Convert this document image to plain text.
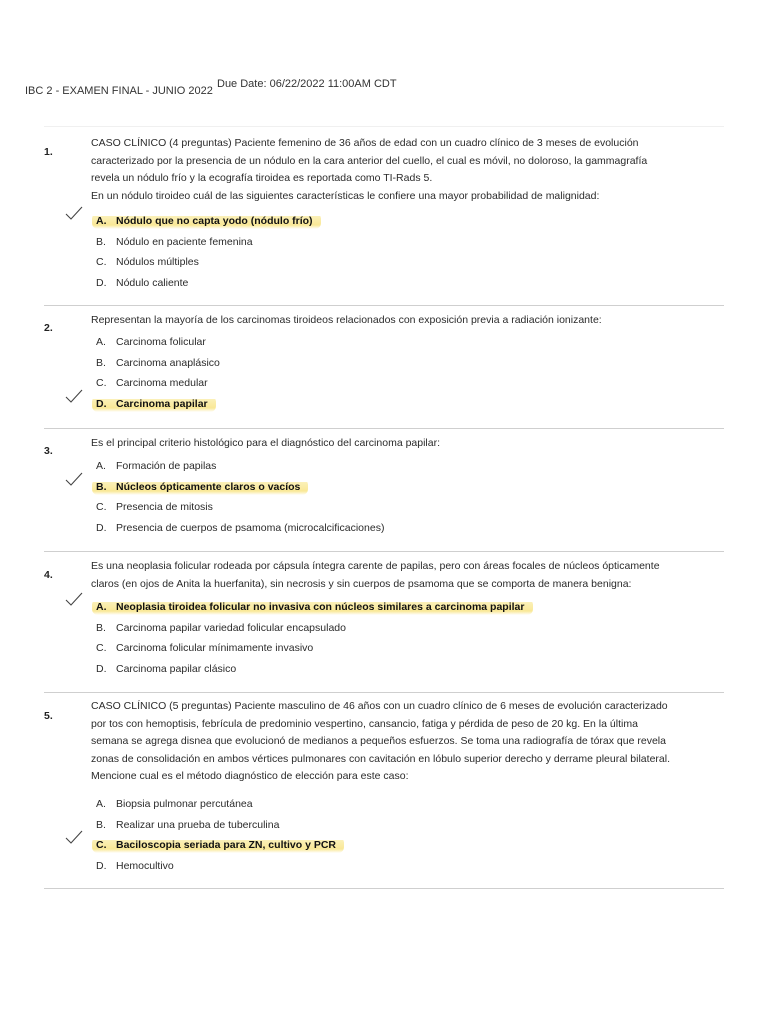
IBC 2 - EXAMEN FINAL - JUNIO 2022
Due Date: 06/22/2022 11:00AM CDT
1.
CASO CLÍNICO (4 preguntas) Paciente femenino de 36 años de edad con un cuadro clínico de 3 meses de evolución
caracterizado por la presencia de un nódulo en la cara anterior del cuello, el cual es móvil, no doloroso, la gammagrafía
revela un nódulo frío y la ecografía tiroidea es reportada como TI-Rads 5.
En un nódulo tiroideo cuál de las siguientes características le confiere una mayor probabilidad de malignidad:
A. Nódulo que no capta yodo (nódulo frío)
B. Nódulo en paciente femenina
C. Nódulos múltiples
D. Nódulo caliente
2.
Representan la mayoría de los carcinomas tiroideos relacionados con exposición previa a radiación ionizante:
A. Carcinoma folicular
B. Carcinoma anaplásico
C. Carcinoma medular
D. Carcinoma papilar
3.
Es el principal criterio histológico para el diagnóstico del carcinoma papilar:
A. Formación de papilas
B. Núcleos ópticamente claros o vacíos
C. Presencia de mitosis
D. Presencia de cuerpos de psamoma (microcalcificaciones)
4.
Es una neoplasia folicular rodeada por cápsula íntegra carente de papilas, pero con áreas focales de núcleos ópticamente
claros (en ojos de Anita la huerfanita), sin necrosis y sin cuerpos de psamoma que se comporta de manera benigna:
A. Neoplasia tiroidea folicular no invasiva con núcleos similares a carcinoma papilar
B. Carcinoma papilar variedad folicular encapsulado
C. Carcinoma folicular mínimamente invasivo
D. Carcinoma papilar clásico
5.
CASO CLÍNICO (5 preguntas) Paciente masculino de 46 años con un cuadro clínico de 6 meses de evolución caracterizado
por tos con hemoptisis, febrícula de predominio vespertino, cansancio, fatiga y pérdida de peso de 20 kg. En la última
semana se agrega disnea que evolucionó de medianos a pequeños esfuerzos. Se toma una radiografía de tórax que revela
zonas de consolidación en ambos vértices pulmonares con cavitación en lóbulo superior derecho y derrame pleural bilateral.
Mencione cual es el método diagnóstico de elección para este caso:
A. Biopsia pulmonar percutánea
B. Realizar una prueba de tuberculina
C. Baciloscopia seriada para ZN, cultivo y PCR
D. Hemocultivo
